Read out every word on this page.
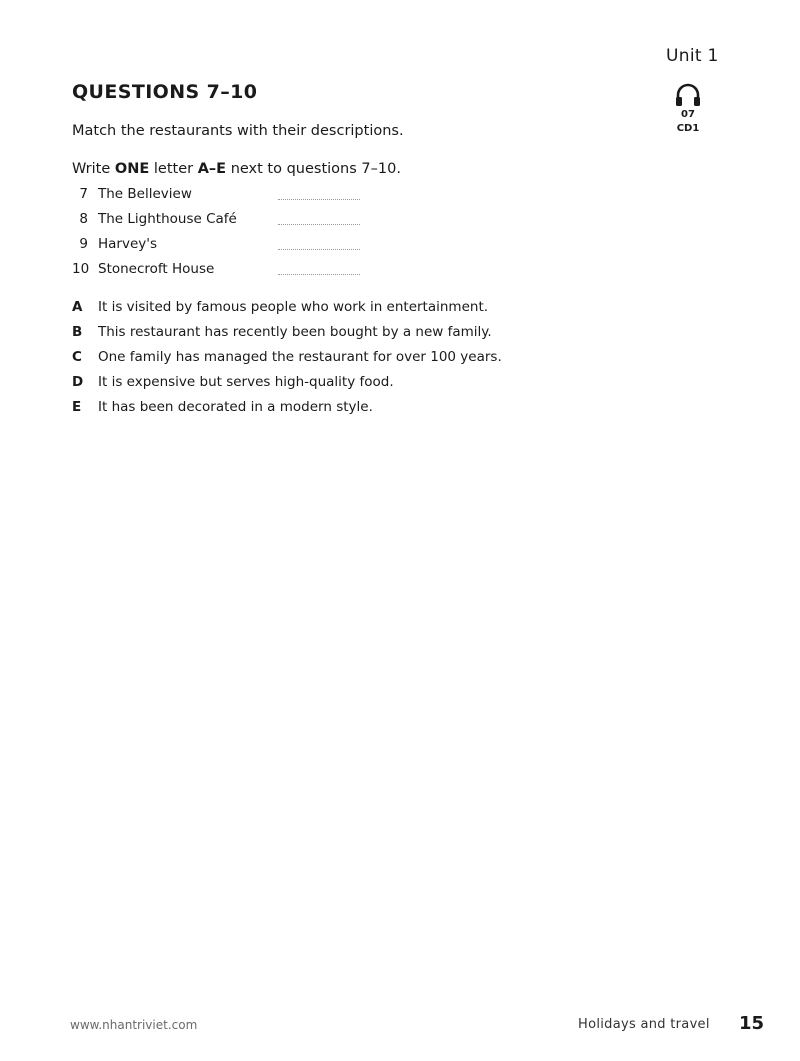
Unit 1
07
CD1
QUESTIONS 7–10

Match the restaurants with their descriptions.

Write ONE letter A–E next to questions 7–10.

7 The Belleview
8 The Lighthouse Café
9 Harvey's
10 Stonecroft House
A It is visited by famous people who work in entertainment.
B This restaurant has recently been bought by a new family.
C One family has managed the restaurant for over 100 years.
D It is expensive but serves high-quality food.
E It has been decorated in a modern style.
www.nhantriviet.com	Holidays and travel 15
